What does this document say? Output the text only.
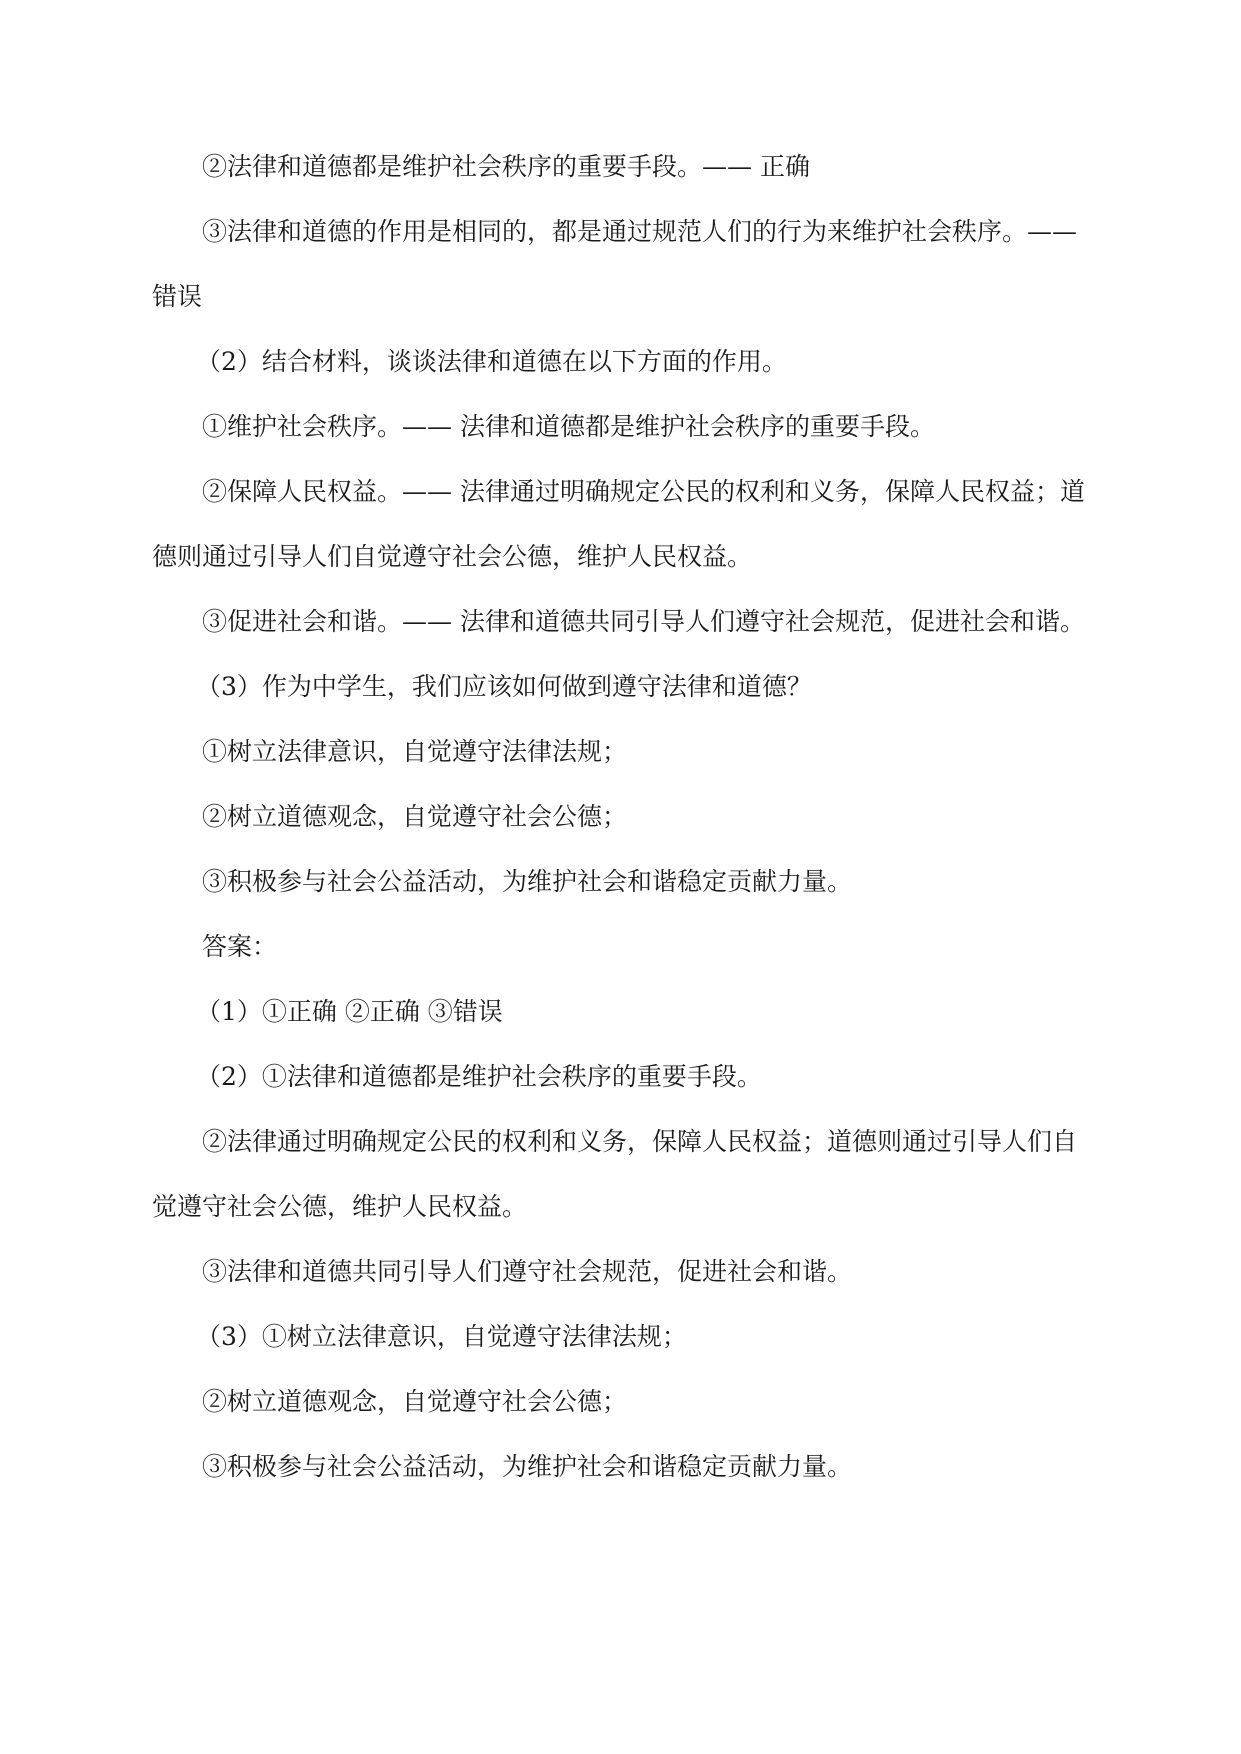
②法律和道德都是维护社会秩序的重要手段。—— 正确

③法律和道德的作用是相同的，都是通过规范人们的行为来维护社会秩序。——错误

（2）结合材料，谈谈法律和道德在以下方面的作用。

①维护社会秩序。—— 法律和道德都是维护社会秩序的重要手段。

②保障人民权益。—— 法律通过明确规定公民的权利和义务，保障人民权益；道德则通过引导人们自觉遵守社会公德，维护人民权益。

③促进社会和谐。—— 法律和道德共同引导人们遵守社会规范，促进社会和谐。

（3）作为中学生，我们应该如何做到遵守法律和道德？

①树立法律意识，自觉遵守法律法规；

②树立道德观念，自觉遵守社会公德；

③积极参与社会公益活动，为维护社会和谐稳定贡献力量。

答案：

（1）①正确 ②正确 ③错误

（2）①法律和道德都是维护社会秩序的重要手段。

②法律通过明确规定公民的权利和义务，保障人民权益；道德则通过引导人们自觉遵守社会公德，维护人民权益。

③法律和道德共同引导人们遵守社会规范，促进社会和谐。

（3）①树立法律意识，自觉遵守法律法规；

②树立道德观念，自觉遵守社会公德；

③积极参与社会公益活动，为维护社会和谐稳定贡献力量。
